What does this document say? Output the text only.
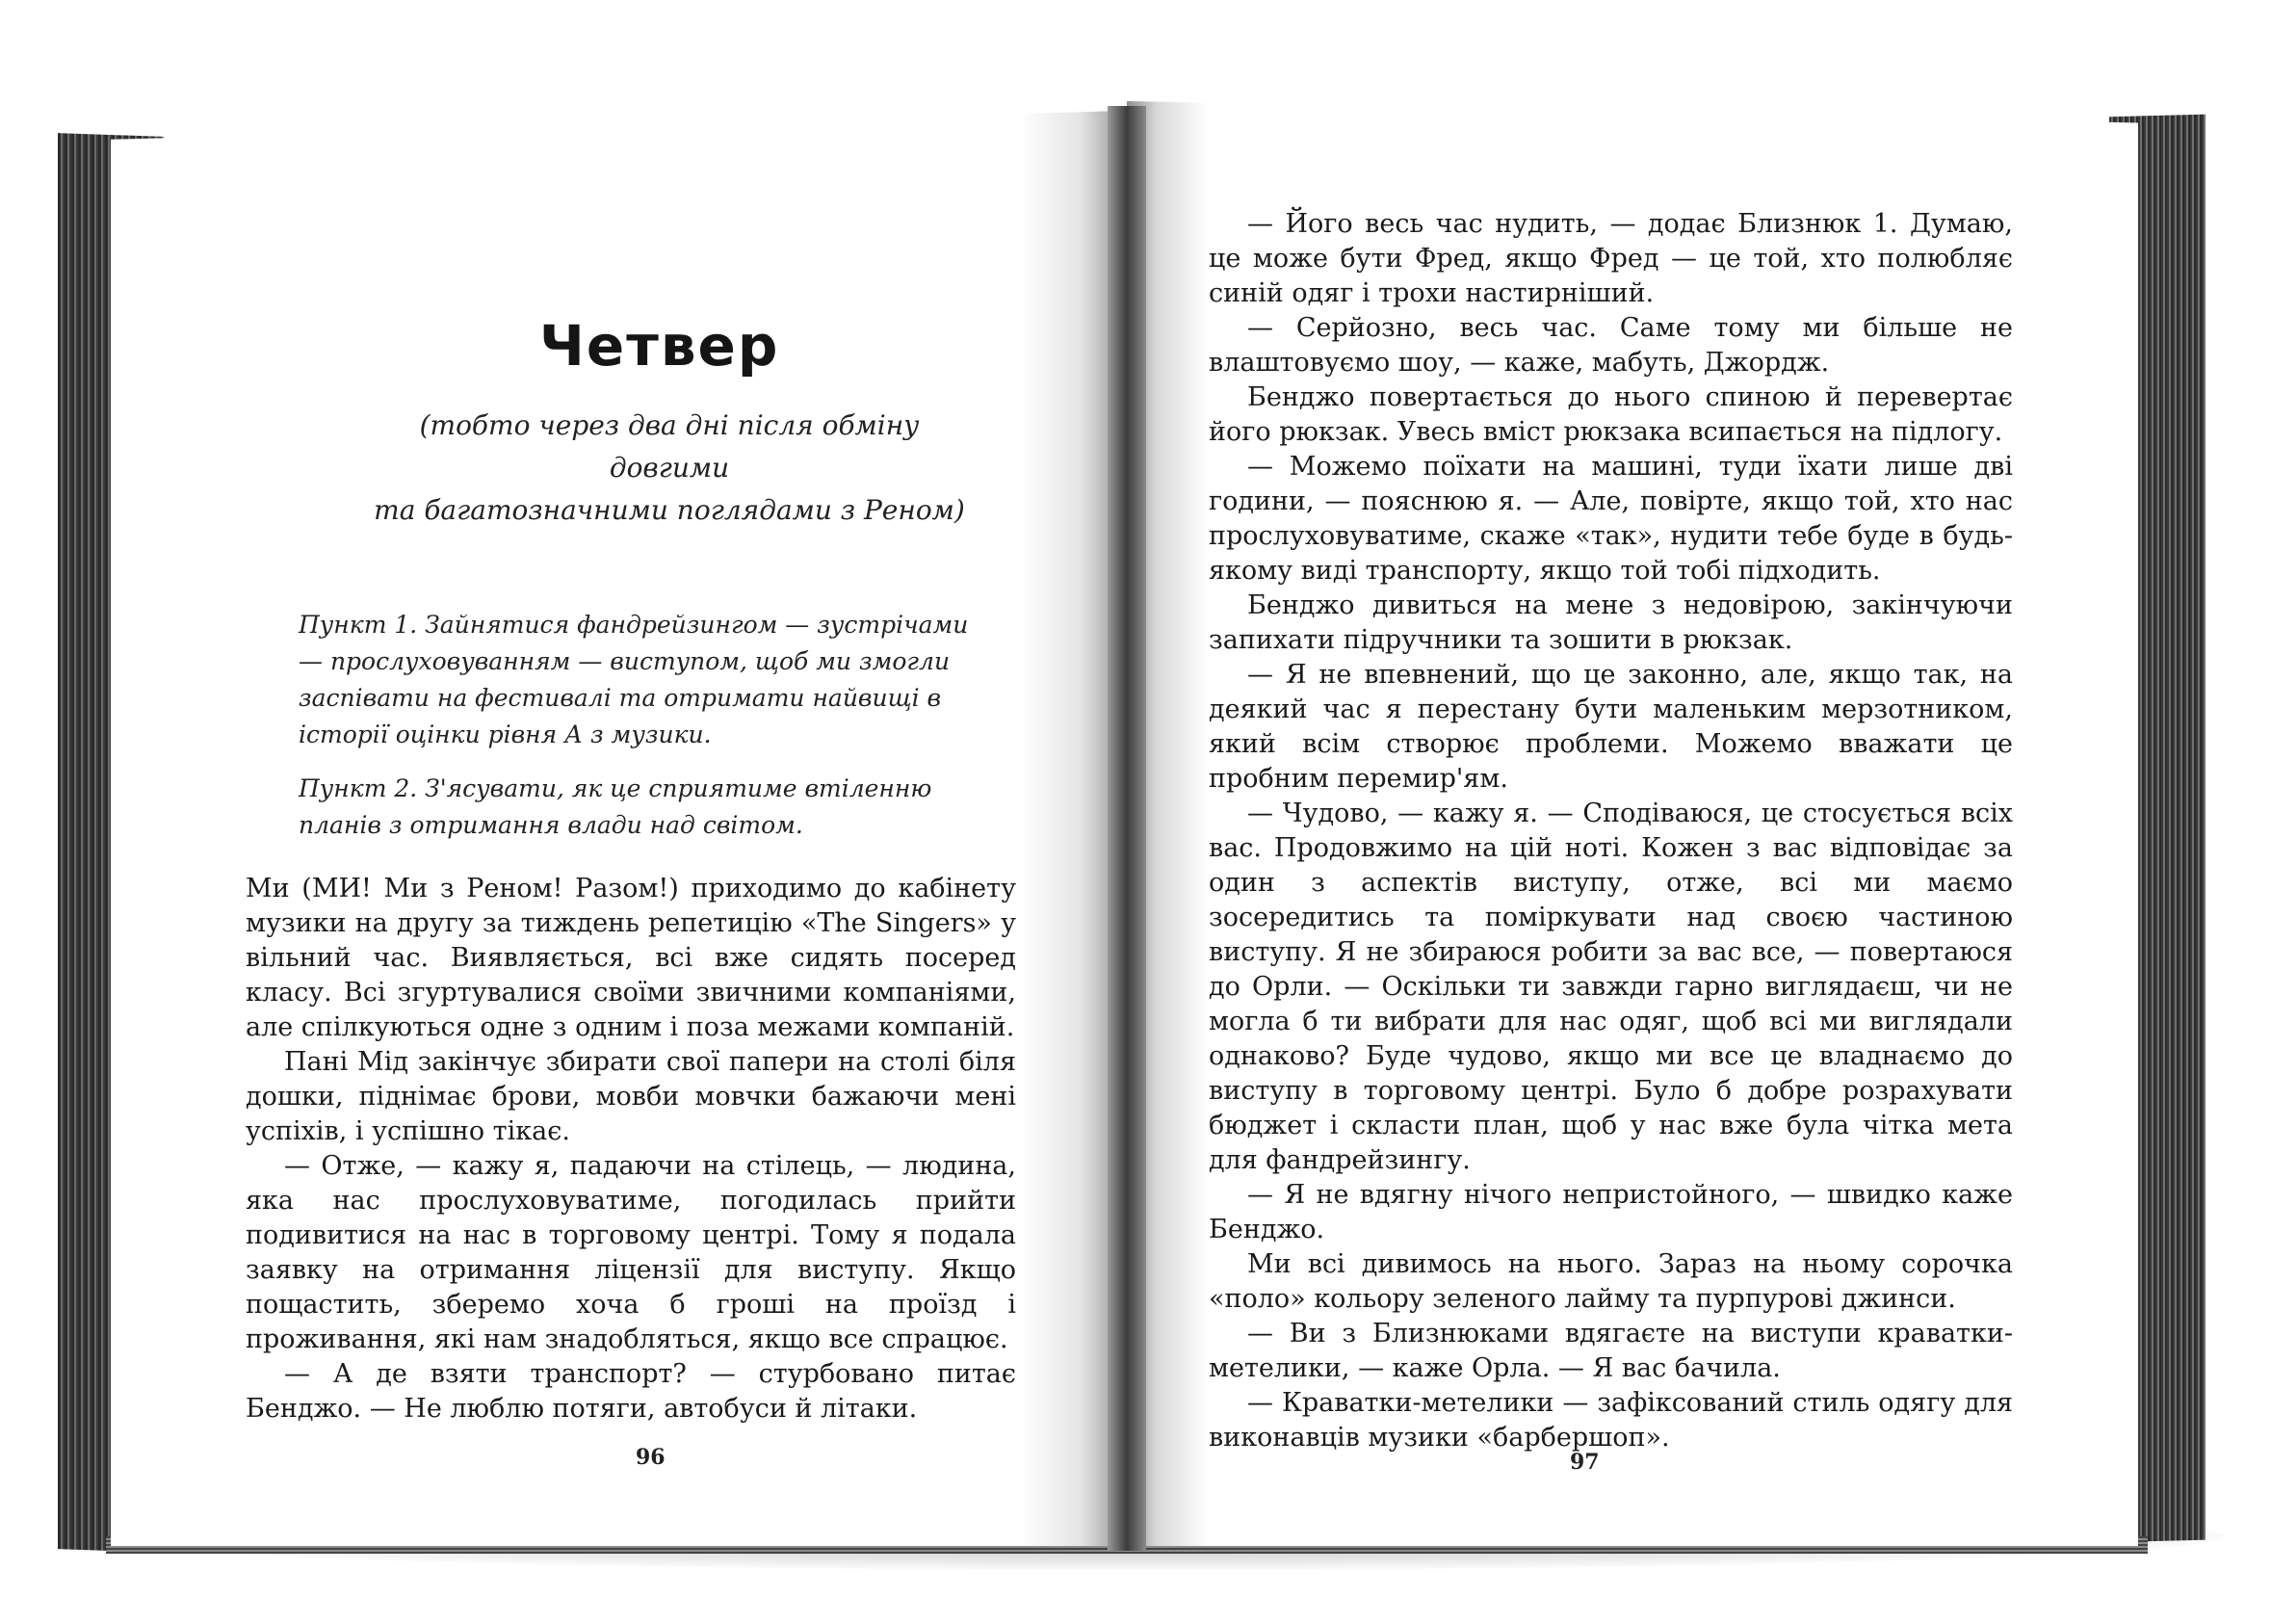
Четвер
(тобто через два дні після обміну довгими
та багатозначними поглядами з Реном)
Пункт 1. Зайнятися фандрейзингом — зустрічами — прослуховуванням — виступом, щоб ми змогли заспівати на фестивалі та отримати найвищі в історії оцінки рівня А з музики.
Пункт 2. З'ясувати, як це сприятиме втіленню планів з отримання влади над світом.

Ми (МИ! Ми з Реном! Разом!) приходимо до кабінету музики на другу за тиждень репетицію «The Singers» у вільний час. Виявляється, всі вже сидять посеред класу. Всі згуртувалися своїми звичними компаніями, але спілкуються одне з одним і поза межами компаній.

Пані Мід закінчує збирати свої папери на столі біля дошки, піднімає брови, мовби мовчки бажаючи мені успіхів, і успішно тікає.

— Отже, — кажу я, падаючи на стілець, — людина, яка нас прослуховуватиме, погодилась прийти подивитися на нас в торговому центрі. Тому я подала заявку на отримання ліцензії для виступу. Якщо пощастить, зберемо хоча б гроші на проїзд і проживання, які нам знадобляться, якщо все спрацює.

— А де взяти транспорт? — стурбовано питає Бенджо. — Не люблю потяги, автобуси й літаки.

96

— Його весь час нудить, — додає Близнюк 1. Думаю, це може бути Фред, якщо Фред — це той, хто полюбляє синій одяг і трохи настирніший.

— Серйозно, весь час. Саме тому ми більше не влаштовуємо шоу, — каже, мабуть, Джордж.

Бенджо повертається до нього спиною й перевертає його рюкзак. Увесь вміст рюкзака всипається на підлогу.

— Можемо поїхати на машині, туди їхати лише дві години, — пояснюю я. — Але, повірте, якщо той, хто нас прослуховуватиме, скаже «так», нудити тебе буде в будь-якому виді транспорту, якщо той тобі підходить.

Бенджо дивиться на мене з недовірою, закінчуючи запихати підручники та зошити в рюкзак.

— Я не впевнений, що це законно, але, якщо так, на деякий час я перестану бути маленьким мерзотником, який всім створює проблеми. Можемо вважати це пробним перемир'ям.

— Чудово, — кажу я. — Сподіваюся, це стосується всіх вас. Продовжимо на цій ноті. Кожен з вас відповідає за один з аспектів виступу, отже, всі ми маємо зосередитись та поміркувати над своєю частиною виступу. Я не збираюся робити за вас все, — повертаюся до Орли. — Оскільки ти завжди гарно виглядаєш, чи не могла б ти вибрати для нас одяг, щоб всі ми виглядали однаково? Буде чудово, якщо ми все це владнаємо до виступу в торговому центрі. Було б добре розрахувати бюджет і скласти план, щоб у нас вже була чітка мета для фандрейзингу.

— Я не вдягну нічого непристойного, — швидко каже Бенджо.

Ми всі дивимось на нього. Зараз на ньому сорочка «поло» кольору зеленого лайму та пурпурові джинси.

— Ви з Близнюками вдягаєте на виступи краватки-метелики, — каже Орла. — Я вас бачила.

— Краватки-метелики — зафіксований стиль одягу для виконавців музики «барбершоп».

97
